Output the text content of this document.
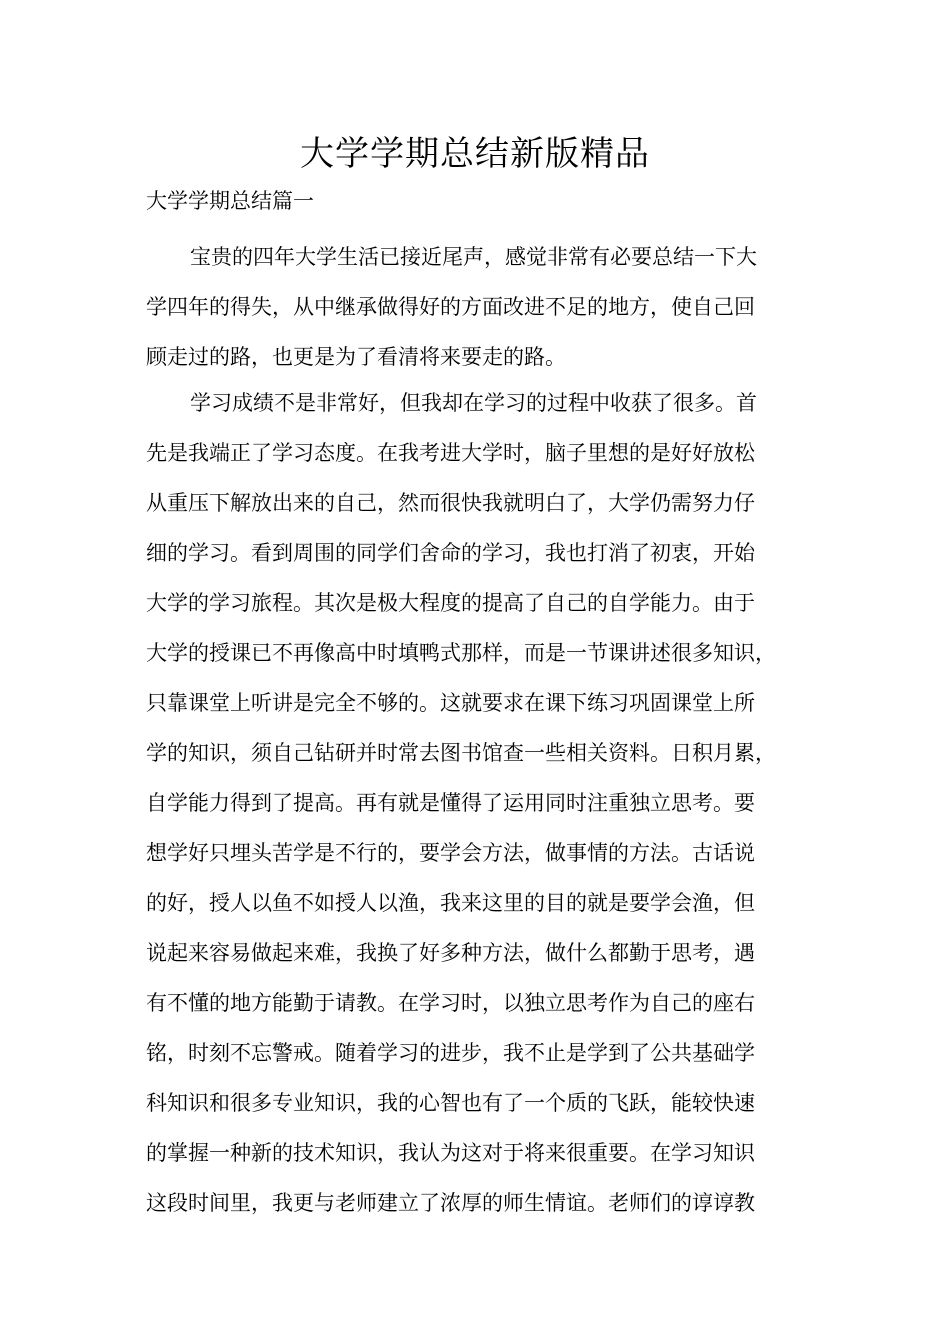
大学学期总结新版精品
大学学期总结篇一
宝贵的四年大学生活已接近尾声，感觉非常有必要总结一下大
学四年的得失，从中继承做得好的方面改进不足的地方，使自己回
顾走过的路，也更是为了看清将来要走的路。
学习成绩不是非常好，但我却在学习的过程中收获了很多。首
先是我端正了学习态度。在我考进大学时，脑子里想的是好好放松
从重压下解放出来的自己，然而很快我就明白了，大学仍需努力仔
细的学习。看到周围的同学们舍命的学习，我也打消了初衷，开始
大学的学习旅程。其次是极大程度的提高了自己的自学能力。由于
大学的授课已不再像高中时填鸭式那样，而是一节课讲述很多知识，
只靠课堂上听讲是完全不够的。这就要求在课下练习巩固课堂上所
学的知识，须自己钻研并时常去图书馆查一些相关资料。日积月累，
自学能力得到了提高。再有就是懂得了运用同时注重独立思考。要
想学好只埋头苦学是不行的，要学会方法，做事情的方法。古话说
的好，授人以鱼不如授人以渔，我来这里的目的就是要学会渔，但
说起来容易做起来难，我换了好多种方法，做什么都勤于思考，遇
有不懂的地方能勤于请教。在学习时，以独立思考作为自己的座右
铭，时刻不忘警戒。随着学习的进步，我不止是学到了公共基础学
科知识和很多专业知识，我的心智也有了一个质的飞跃，能较快速
的掌握一种新的技术知识，我认为这对于将来很重要。在学习知识
这段时间里，我更与老师建立了浓厚的师生情谊。老师们的谆谆教
